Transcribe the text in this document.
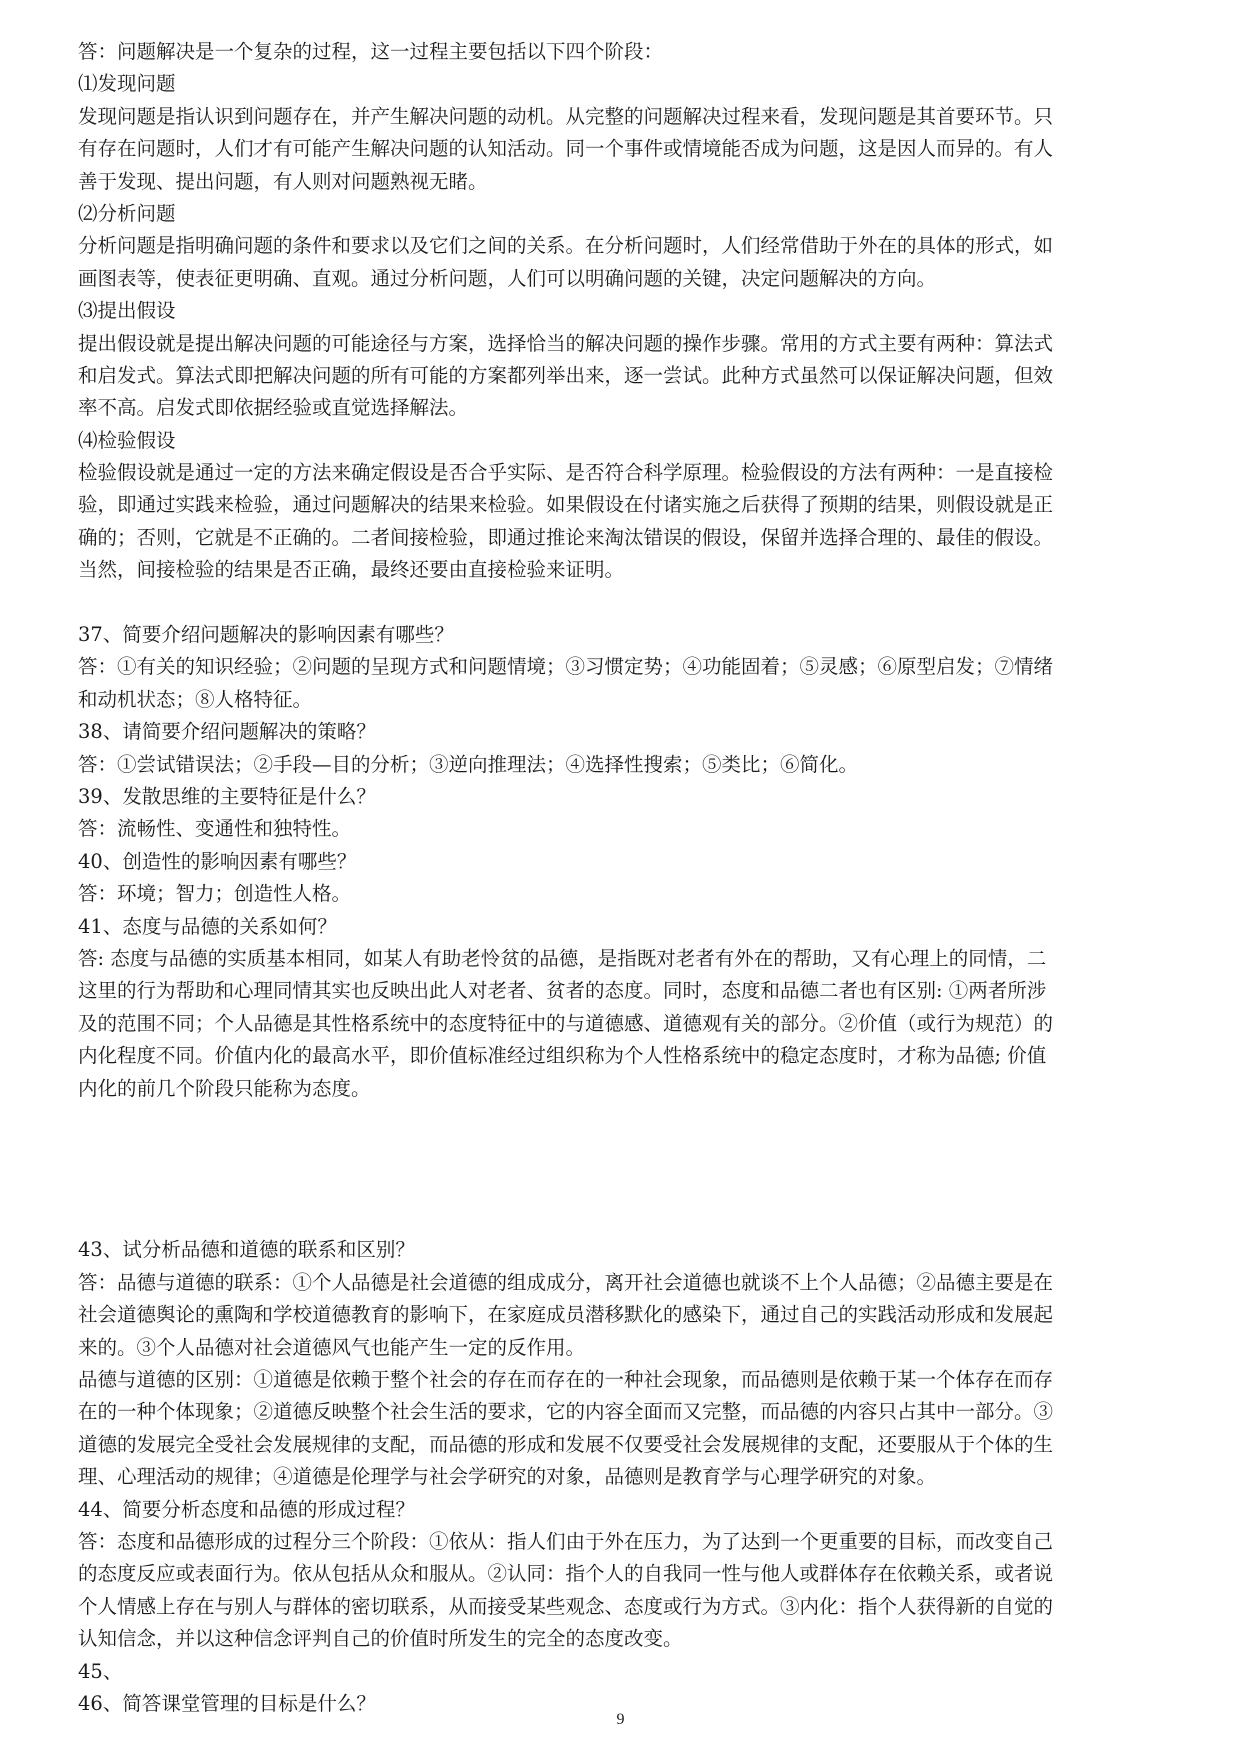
答：问题解决是一个复杂的过程，这一过程主要包括以下四个阶段：
⑴发现问题
发现问题是指认识到问题存在，并产生解决问题的动机。从完整的问题解决过程来看，发现问题是其首要环节。只
有存在问题时，人们才有可能产生解决问题的认知活动。同一个事件或情境能否成为问题，这是因人而异的。有人
善于发现、提出问题，有人则对问题熟视无睹。
⑵分析问题
分析问题是指明确问题的条件和要求以及它们之间的关系。在分析问题时，人们经常借助于外在的具体的形式，如
画图表等，使表征更明确、直观。通过分析问题，人们可以明确问题的关键，决定问题解决的方向。
⑶提出假设
提出假设就是提出解决问题的可能途径与方案，选择恰当的解决问题的操作步骤。常用的方式主要有两种：算法式
和启发式。算法式即把解决问题的所有可能的方案都列举出来，逐一尝试。此种方式虽然可以保证解决问题，但效
率不高。启发式即依据经验或直觉选择解法。
⑷检验假设
检验假设就是通过一定的方法来确定假设是否合乎实际、是否符合科学原理。检验假设的方法有两种：一是直接检
验，即通过实践来检验，通过问题解决的结果来检验。如果假设在付诸实施之后获得了预期的结果，则假设就是正
确的；否则，它就是不正确的。二者间接检验，即通过推论来淘汰错误的假设，保留并选择合理的、最佳的假设。
当然，间接检验的结果是否正确，最终还要由直接检验来证明。
37、简要介绍问题解决的影响因素有哪些？
答：①有关的知识经验；②问题的呈现方式和问题情境；③习惯定势；④功能固着；⑤灵感；⑥原型启发；⑦情绪
和动机状态；⑧人格特征。
38、请简要介绍问题解决的策略？
答：①尝试错误法；②手段—目的分析；③逆向推理法；④选择性搜索；⑤类比；⑥简化。
39、发散思维的主要特征是什么？
答：流畅性、变通性和独特性。
40、创造性的影响因素有哪些？
答：环境；智力；创造性人格。
41、态度与品德的关系如何？
答: 态度与品德的实质基本相同，如某人有助老怜贫的品德，是指既对老者有外在的帮助，又有心理上的同情，二
这里的行为帮助和心理同情其实也反映出此人对老者、贫者的态度。同时，态度和品德二者也有区别: ①两者所涉
及的范围不同；个人品德是其性格系统中的态度特征中的与道德感、道德观有关的部分。②价值（或行为规范）的
内化程度不同。价值内化的最高水平，即价值标准经过组织称为个人性格系统中的稳定态度时，才称为品德; 价值
内化的前几个阶段只能称为态度。
43、试分析品德和道德的联系和区别？
答：品德与道德的联系：①个人品德是社会道德的组成成分，离开社会道德也就谈不上个人品德；②品德主要是在
社会道德舆论的熏陶和学校道德教育的影响下，在家庭成员潜移默化的感染下，通过自己的实践活动形成和发展起
来的。③个人品德对社会道德风气也能产生一定的反作用。
品德与道德的区别：①道德是依赖于整个社会的存在而存在的一种社会现象，而品德则是依赖于某一个体存在而存
在的一种个体现象；②道德反映整个社会生活的要求，它的内容全面而又完整，而品德的内容只占其中一部分。③
道德的发展完全受社会发展规律的支配，而品德的形成和发展不仅要受社会发展规律的支配，还要服从于个体的生
理、心理活动的规律；④道德是伦理学与社会学研究的对象，品德则是教育学与心理学研究的对象。
44、简要分析态度和品德的形成过程？
答：态度和品德形成的过程分三个阶段：①依从：指人们由于外在压力，为了达到一个更重要的目标，而改变自己
的态度反应或表面行为。依从包括从众和服从。②认同：指个人的自我同一性与他人或群体存在依赖关系，或者说
个人情感上存在与别人与群体的密切联系，从而接受某些观念、态度或行为方式。③内化：指个人获得新的自觉的
认知信念，并以这种信念评判自己的价值时所发生的完全的态度改变。
45、
46、简答课堂管理的目标是什么？
9
